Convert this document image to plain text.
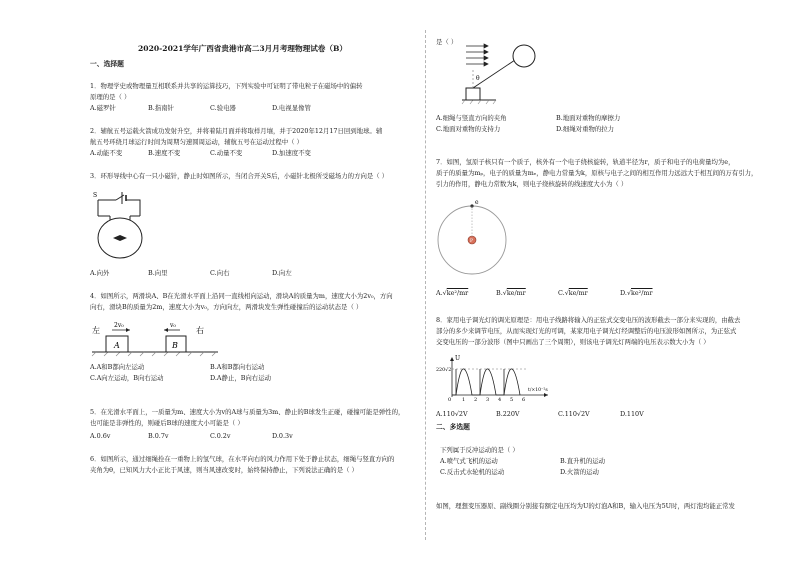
2020-2021学年广西省贵港市高二3月月考理物理试卷（B）
一、选择题
1．物理学史或物理量互相联系并共享的运算技巧，下列实验中可证明了带电粒子在磁场中的偏转
原理的是（ ）
A.磁罗针	B.指南针	C.验电器	D.电视显像管
2．辅航五号运载火箭成功发射升空，并将着陆月面并将取样月壤，并于2020年12月17日回到地球。辅
航五号环绕月球运行时间为周期匀速圆周运动，辅航五号在运动过程中（ ）
A.动能不变	B.速度不变	C.动量不变	D.加速度不变
3．环形导线中心有一只小磁针，静止时如图所示，当闭合开关S后，小磁针北极所受磁场力的方向是（ ）
S
A.向外	B.向里	C.向右	D.向左
4．如图所示，两滑块A、B在光滑水平面上沿同一直线相向运动，滑块A的质量为m，速度大小为2v₀，方向
向右，滑块B的质量为2m，速度大小为v₀，方向向左，两滑块发生弹性碰撞后的运动状态是（ ）
左	右
2v₀	v₀
A	B
A.A和B都向左运动	B.A和B都向右运动
C.A向左运动，B向右运动	D.A静止，B向右运动
5．在光滑水平面上，一质量为m、速度大小为v的A球与质量为3m、静止的B球发生正碰，碰撞可能是弹性的，
也可能是非弹性的，则碰后B球的速度大小可能是（ ）
A.0.6v	B.0.7v	C.0.2v	D.0.3v
6．如图所示，通过细绳拴在一重物上的氢气球，在水平向右的风力作用下处于静止状态，细绳与竖直方向的
夹角为θ，已知风力大小正比于风速，则当风速改变时，始终保持静止，下列说法正确的是（ ）
是（ ）
θ
A.细绳与竖直方向的夹角	B.地面对重物的摩擦力
C.地面对重物的支持力	D.细绳对重物的拉力
7．如图，氢原子核只有一个质子，核外有一个电子绕核旋转，轨道半径为r，质子和电子的电荷量均为e，
质子的质量为mₚ，电子的质量为mₑ，静电力常量为k，原核与电子之间的相互作用力远远大于相互间的万有引力，
引力的作用，静电力常数为k，则电子绕核旋转的线速度大小为（ ）
e
P
A.√ke²/mr	B.√ke/mr	C.√ke/mr	D.√ke²/mr
8．家用电子调光灯的调光原理是：用电子线路将输入的正弦式交变电压的波形截去一部分来实现的，由截去
部分的多少来调节电压，从而实现灯光的可调，某家用电子调光灯经调整后的电压波形如图所示，为正弦式
交变电压的一部分波形（图中只画出了三个周期），则该电子调光灯两端的电压表示数大小为（ ）
U
220√2
0 1 2 3 4 5 6
t/×10⁻²s
A.110√2V	B.220V	C.110√2V	D.110V
二、多选题
下列属于反冲运动的是（ ）
A.喷气式飞机的运动	B.直升机的运动
C.反击式水轮机的运动	D.火箭的运动
如图，理想变压器原、副线圈分别接有额定电压均为U的灯泡A和B，输入电压为5U时，两灯泡均能正常发
